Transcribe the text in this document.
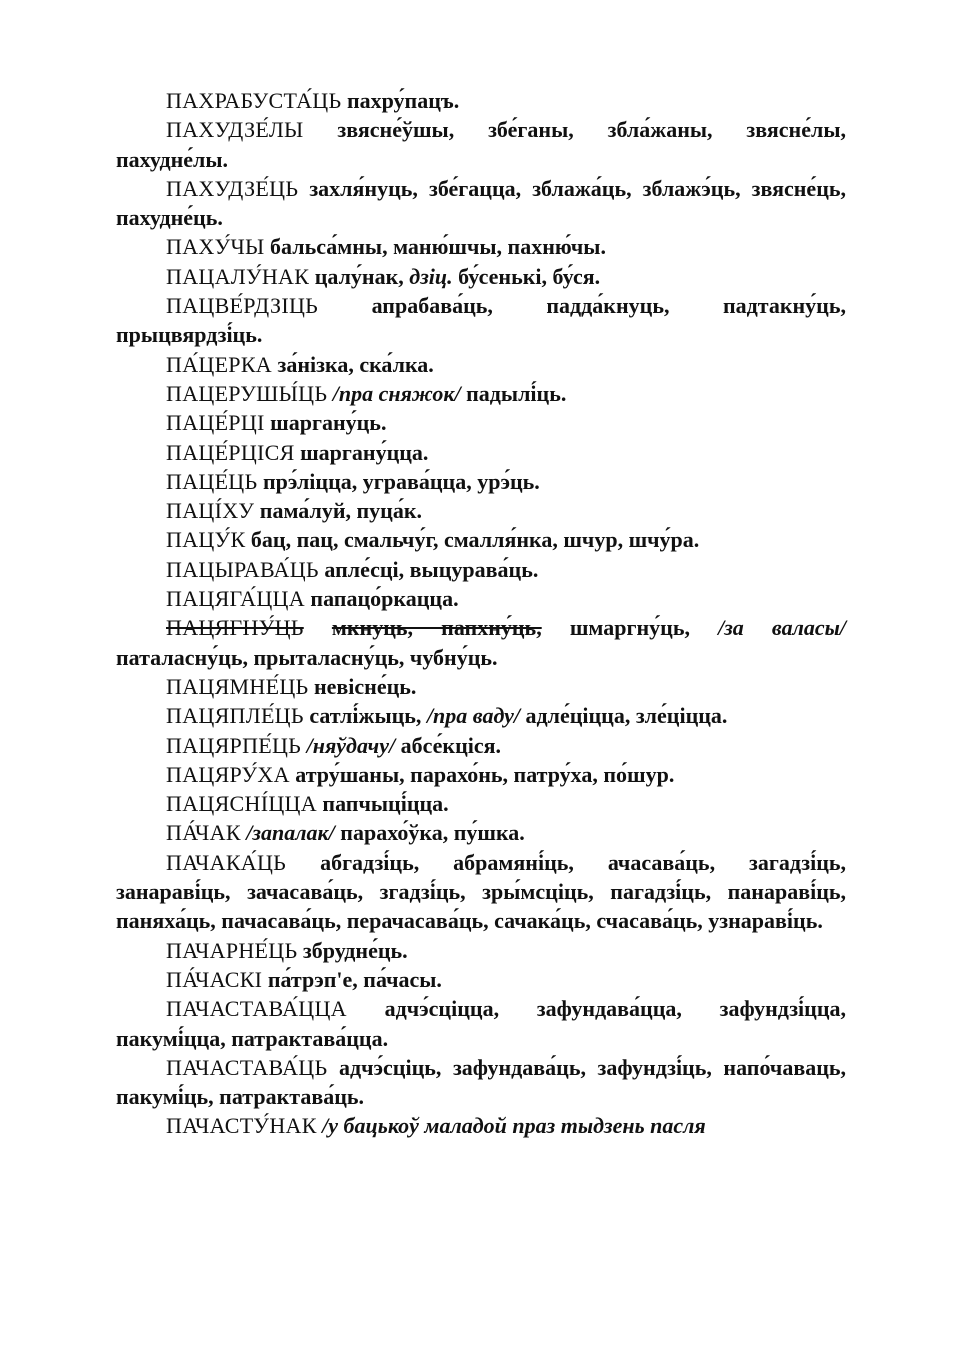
ПАХРАБУСТА́ЦЬ пахру́пацъ.

ПАХУДЗЕ́ЛЫ звясне́ўшы, збе́ганы, збла́жаны, звясне́лы, пахудне́лы.

ПАХУДЗЕ́ЦЬ захля́нуць, збе́гацца, зблажа́ць, зблажэ́ць, звясне́ць, пахудне́ць.

ПАХУ́ЧЫ бальса́мны, маню́шчы, пахню́чы.

ПАЦАЛУ́НАК цалу́нак, дзіц. бу́сенькі, бу́ся.

ПАЦВЕ́РДЗІЦЬ апрабава́ць, падда́кнуць, падтакну́ць, прыцвярдзі́ць.

ПА́ЦЕРКА за́нізка, ска́лка.

ПАЦЕРУШЫ́ЦЬ /пра сняжок/ падылі́ць.

ПАЦЕ́РЦІ шаргану́ць.

ПАЦЕ́РЦІСЯ шаргану́цца.

ПАЦЕ́ЦЬ прэ́ліцца, уграва́цца, урэ́ць.

ПАЦІ́ХУ пама́луй, пуца́к.

ПАЦУ́К бац, пац, смальчу́г, смалля́нка, шчур, шчу́ра.

ПАЦЫРАВА́ЦЬ апле́сці, выцурава́ць.

ПАЦЯГА́ЦЦА папацо́ркацца.

ПАЦЯГНУ́ЦЬ мкнуць, папхну́ць, шмаргну́ць, /за валасы/ паталасну́ць, прыталасну́ць, чубну́ць.

ПАЦЯМНЕ́ЦЬ невісне́ць.

ПАЦЯПЛЕ́ЦЬ сатлі́жыць, /пра ваду/ адле́ціцца, зле́ціцца.

ПАЦЯРПЕ́ЦЬ /няўдачу/ абсе́кціся.

ПАЦЯРУ́ХА атру́шаны, парахо́нь, патру́ха, по́шур.

ПАЦЯСНІ́ЦЦА папчыці́цца.

ПА́ЧАК /запалак/ парахо́ўка, пу́шка.

ПАЧАКА́ЦЬ абгадзі́ць, абрамяні́ць, ачасава́ць, загадзі́ць, занараві́ць, зачасава́ць, згадзі́ць, зры́мсціць, пагадзі́ць, панараві́ць, паняха́ць, пачасава́ць, перачасава́ць, сачака́ць, счасава́ць, узнараві́ць.

ПАЧАРНЕ́ЦЬ збрудне́ць.

ПА́ЧАСКІ па́трэп'е, па́часы.

ПАЧАСТАВА́ЦЦА адчэ́сціцца, зафундава́цца, зафундзі́цца, пакумі́цца, патрактава́цца.

ПАЧАСТАВА́ЦЬ адчэ́сціць, зафундава́ць, зафундзі́ць, напо́чаваць, пакумі́ць, патрактава́ць.

ПАЧАСТУ́НАК /у бацькоў маладой праз тыдзень пасля
